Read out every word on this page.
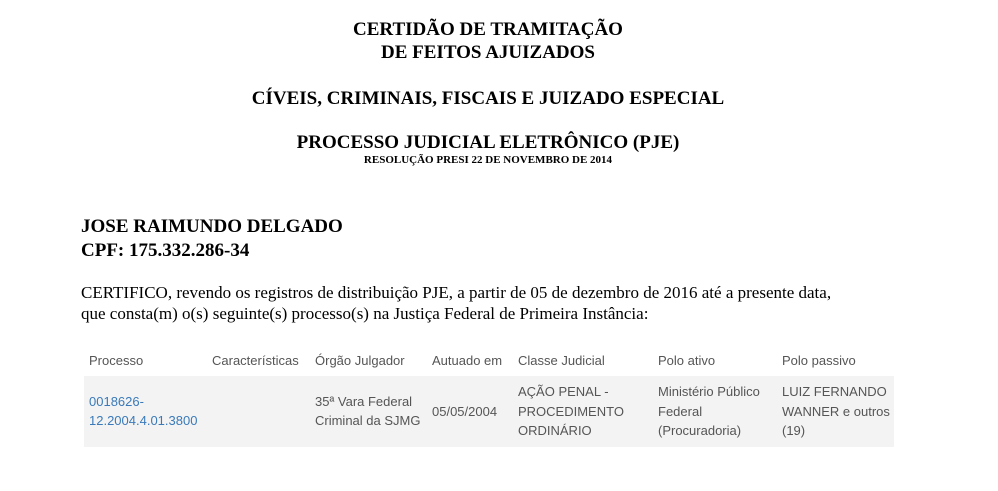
CERTIDÃO DE TRAMITAÇÃO
DE FEITOS AJUIZADOS
CÍVEIS, CRIMINAIS, FISCAIS E JUIZADO ESPECIAL
PROCESSO JUDICIAL ELETRÔNICO (PJE)
RESOLUÇÃO PRESI 22 DE NOVEMBRO DE 2014
JOSE RAIMUNDO DELGADO
CPF: 175.332.286-34
CERTIFICO, revendo os registros de distribuição PJE, a partir de 05 de dezembro de 2016 até a presente data,
que consta(m) o(s) seguinte(s) processo(s) na Justiça Federal de Primeira Instância:
Processo	Características	Órgão Julgador	Autuado em	Classe Judicial	Polo ativo	Polo passivo
0018626-12.2004.4.01.3800		35ª Vara Federal Criminal da SJMG	05/05/2004	AÇÃO PENAL - PROCEDIMENTO ORDINÁRIO	Ministério Público Federal (Procuradoria)	LUIZ FERNANDO WANNER e outros (19)
